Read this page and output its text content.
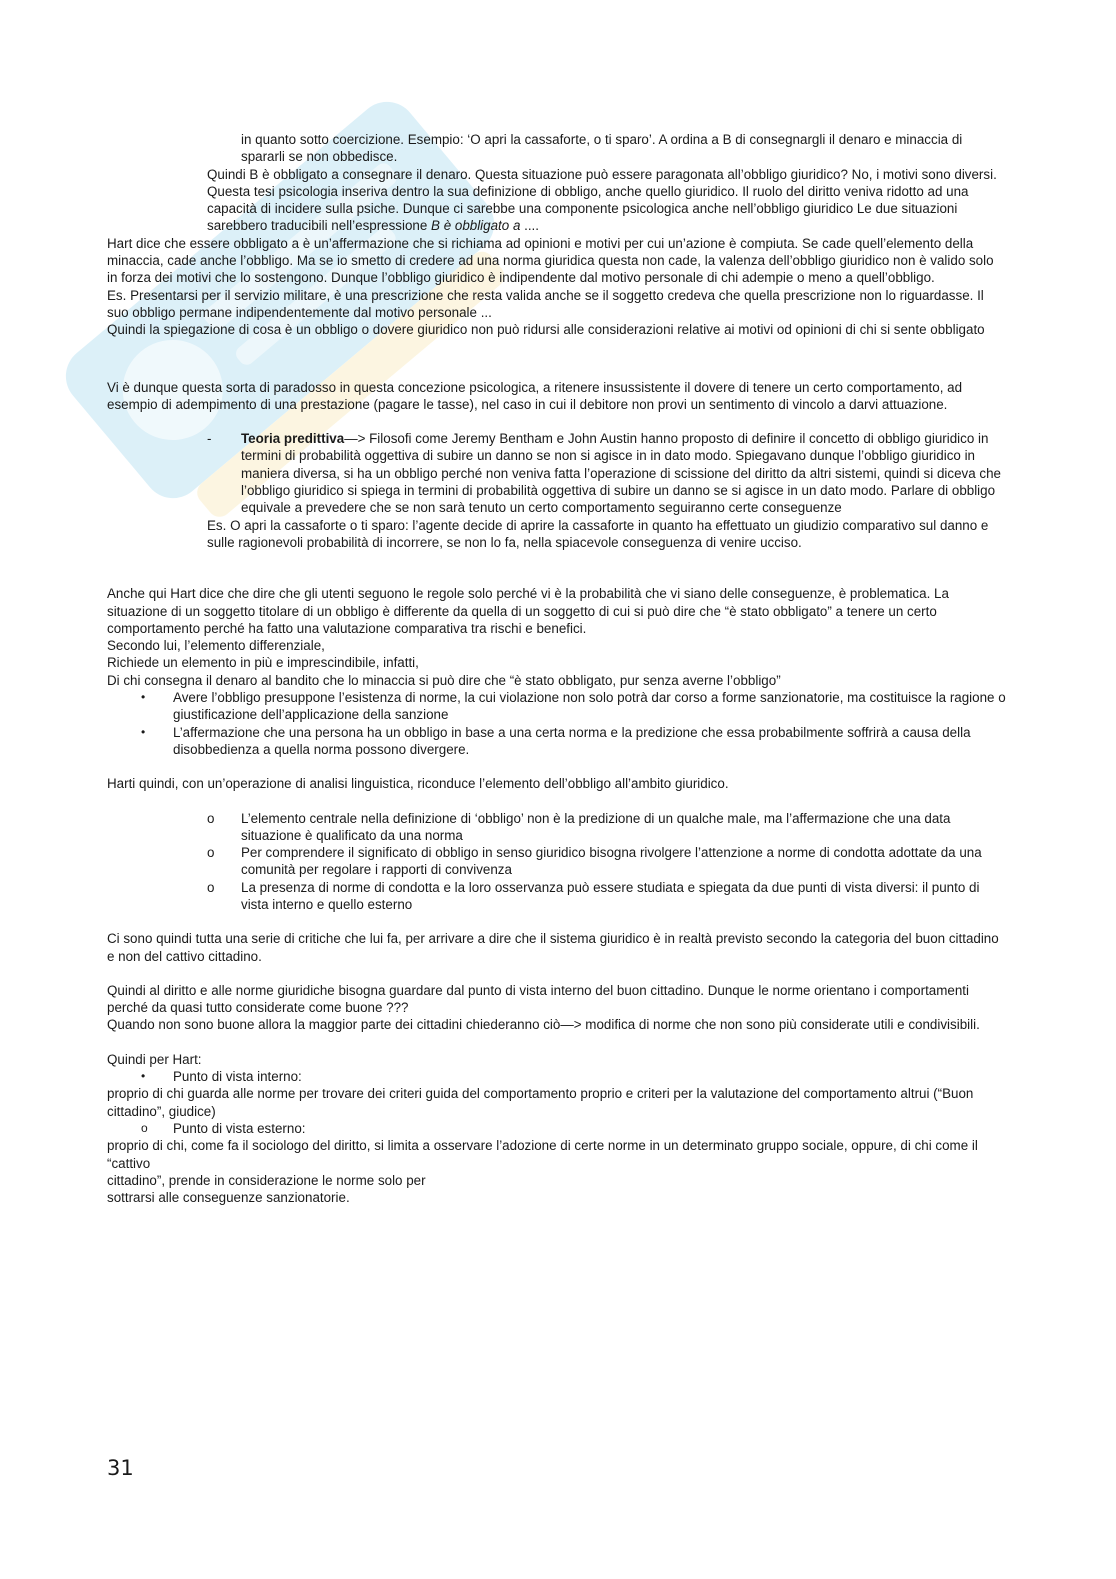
in quanto sotto coercizione. Esempio: ‘O apri la cassaforte, o ti sparo’. A ordina a B di consegnargli il denaro e minaccia di spararli se non obbedisce.

Quindi B è obbligato a consegnare il denaro. Questa situazione può essere paragonata all’obbligo giuridico? No, i motivi sono diversi.

Questa tesi psicologia inseriva dentro la sua definizione di obbligo, anche quello giuridico. Il ruolo del diritto veniva ridotto ad una capacità di incidere sulla psiche. Dunque ci sarebbe una componente psicologica anche nell’obbligo giuridico Le due situazioni sarebbero traducibili nell’espressione B è obbligato a ....

Hart dice che essere obbligato a è un’affermazione che si richiama ad opinioni e motivi per cui un’azione è compiuta. Se cade quell’elemento della minaccia, cade anche l’obbligo. Ma se io smetto di credere ad una norma giuridica questa non cade, la valenza dell’obbligo giuridico non è valido solo in forza dei motivi che lo sostengono. Dunque l’obbligo giuridico è indipendente dal motivo personale di chi adempie o meno a quell’obbligo.

Es. Presentarsi per il servizio militare, è una prescrizione che resta valida anche se il soggetto credeva che quella prescrizione non lo riguardasse. Il suo obbligo permane indipendentemente dal motivo personale ...

Quindi la spiegazione di cosa è un obbligo o dovere giuridico non può ridursi alle considerazioni relative ai motivi od opinioni di chi si sente obbligato

Vi è dunque questa sorta di paradosso in questa concezione psicologica, a ritenere insussistente il dovere di tenere un certo comportamento, ad esempio di adempimento di una prestazione (pagare le tasse), nel caso in cui il debitore non provi un sentimento di vincolo a darvi attuazione.

- Teoria predittiva—> Filosofi come Jeremy Bentham e John Austin hanno proposto di definire il concetto di obbligo giuridico in termini di probabilità oggettiva di subire un danno se non si agisce in in dato modo. Spiegavano dunque l’obbligo giuridico in maniera diversa, si ha un obbligo perché non veniva fatta l’operazione di scissione del diritto da altri sistemi, quindi si diceva che l’obbligo giuridico si spiega in termini di probabilità oggettiva di subire un danno se si agisce in un dato modo. Parlare di obbligo equivale a prevedere che se non sarà tenuto un certo comportamento seguiranno certe conseguenze

Es. O apri la cassaforte o ti sparo: l’agente decide di aprire la cassaforte in quanto ha effettuato un giudizio comparativo sul danno e sulle ragionevoli probabilità di incorrere, se non lo fa, nella spiacevole conseguenza di venire ucciso.

Anche qui Hart dice che dire che gli utenti seguono le regole solo perché vi è la probabilità che vi siano delle conseguenze, è problematica. La situazione di un soggetto titolare di un obbligo è differente da quella di un soggetto di cui si può dire che “è stato obbligato” a tenere un certo comportamento perché ha fatto una valutazione comparativa tra rischi e benefici.

Secondo lui, l’elemento differenziale,

Richiede un elemento in più e imprescindibile, infatti,

Di chi consegna il denaro al bandito che lo minaccia si può dire che “è stato obbligato, pur senza averne l’obbligo”

• Avere l’obbligo presuppone l’esistenza di norme, la cui violazione non solo potrà dar corso a forme sanzionatorie, ma costituisce la ragione o giustificazione dell’applicazione della sanzione
• L’affermazione che una persona ha un obbligo in base a una certa norma e la predizione che essa probabilmente soffrirà a causa della disobbedienza a quella norma possono divergere.

Harti quindi, con un’operazione di analisi linguistica, riconduce l’elemento dell’obbligo all’ambito giuridico.

o L’elemento centrale nella definizione di ‘obbligo’ non è la predizione di un qualche male, ma l’affermazione che una data situazione è qualificato da una norma
o Per comprendere il significato di obbligo in senso giuridico bisogna rivolgere l’attenzione a norme di condotta adottate da una comunità per regolare i rapporti di convivenza
o La presenza di norme di condotta e la loro osservanza può essere studiata e spiegata da due punti di vista diversi: il punto di vista interno e quello esterno

Ci sono quindi tutta una serie di critiche che lui fa, per arrivare a dire che il sistema giuridico è in realtà previsto secondo la categoria del buon cittadino e non del cattivo cittadino.

Quindi al diritto e alle norme giuridiche bisogna guardare dal punto di vista interno del buon cittadino. Dunque le norme orientano i comportamenti perché da quasi tutto considerate come buone ???

Quando non sono buone allora la maggior parte dei cittadini chiederanno ciò—> modifica di norme che non sono più considerate utili e condivisibili.

Quindi per Hart:

• Punto di vista interno:

proprio di chi guarda alle norme per trovare dei criteri guida del comportamento proprio e criteri per la valutazione del comportamento altrui (“Buon cittadino”, giudice)

o Punto di vista esterno:

proprio di chi, come fa il sociologo del diritto, si limita a osservare l’adozione di certe norme in un determinato gruppo sociale, oppure, di chi come il “cattivo

cittadino”, prende in considerazione le norme solo per

sottrarsi alle conseguenze sanzionatorie.

31
